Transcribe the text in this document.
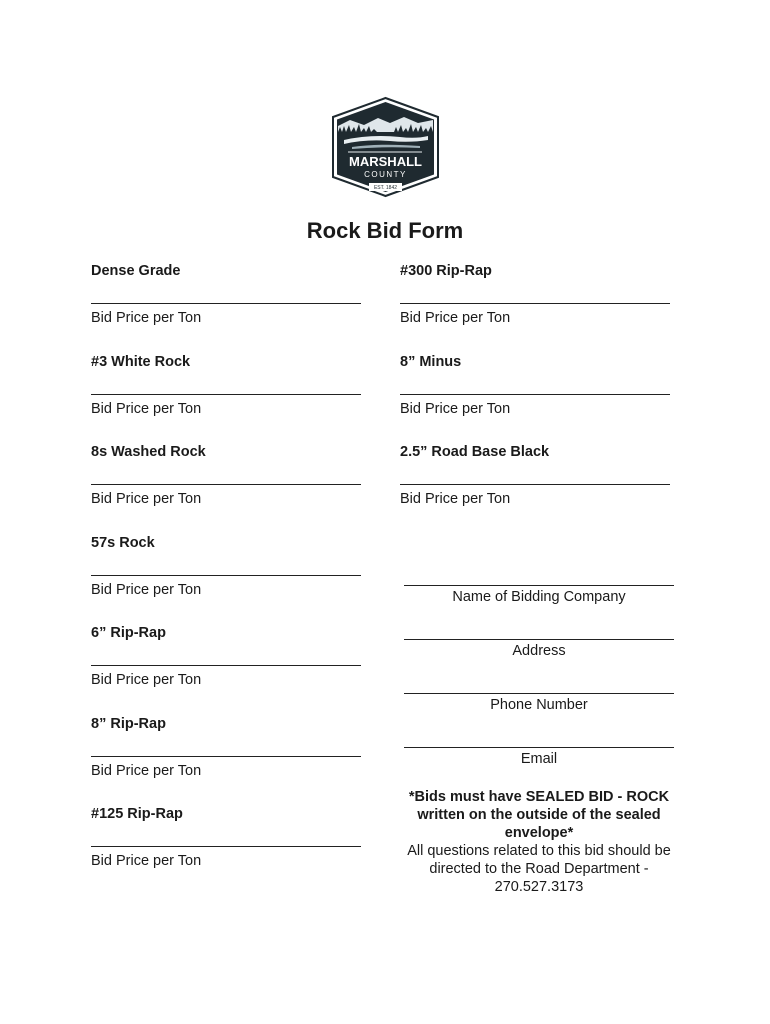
MARSHALL
COUNTY
EST. 1842
Rock Bid Form
Dense Grade
Bid Price per Ton
#3 White Rock
Bid Price per Ton
8s Washed Rock
Bid Price per Ton
57s Rock
Bid Price per Ton
6” Rip-Rap
Bid Price per Ton
8” Rip-Rap
Bid Price per Ton
#125 Rip-Rap
Bid Price per Ton
#300 Rip-Rap
Bid Price per Ton
8” Minus
Bid Price per Ton
2.5” Road Base Black
Bid Price per Ton
Name of Bidding Company
Address
Phone Number
Email
*Bids must have SEALED BID - ROCK written on the outside of the sealed envelope*
All questions related to this bid should be directed to the Road Department - 270.527.3173
